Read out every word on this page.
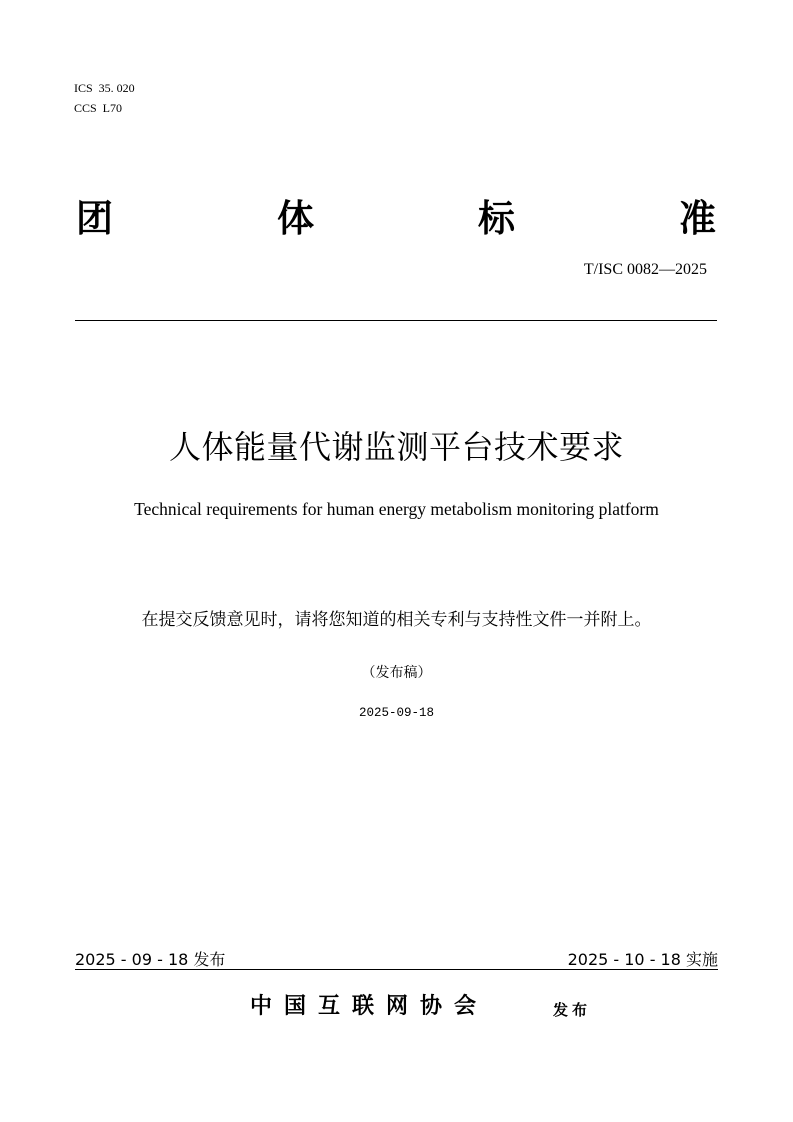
ICS  35. 020
CCS  L70
团	体	标	准
T/ISC 0082—2025
人体能量代谢监测平台技术要求
Technical requirements for human energy metabolism monitoring platform
在提交反馈意见时，请将您知道的相关专利与支持性文件一并附上。
（发布稿）
2025-09-18
2025 - 09 - 18 发布	2025 - 10 - 18 实施
中国互联网协会	发布
